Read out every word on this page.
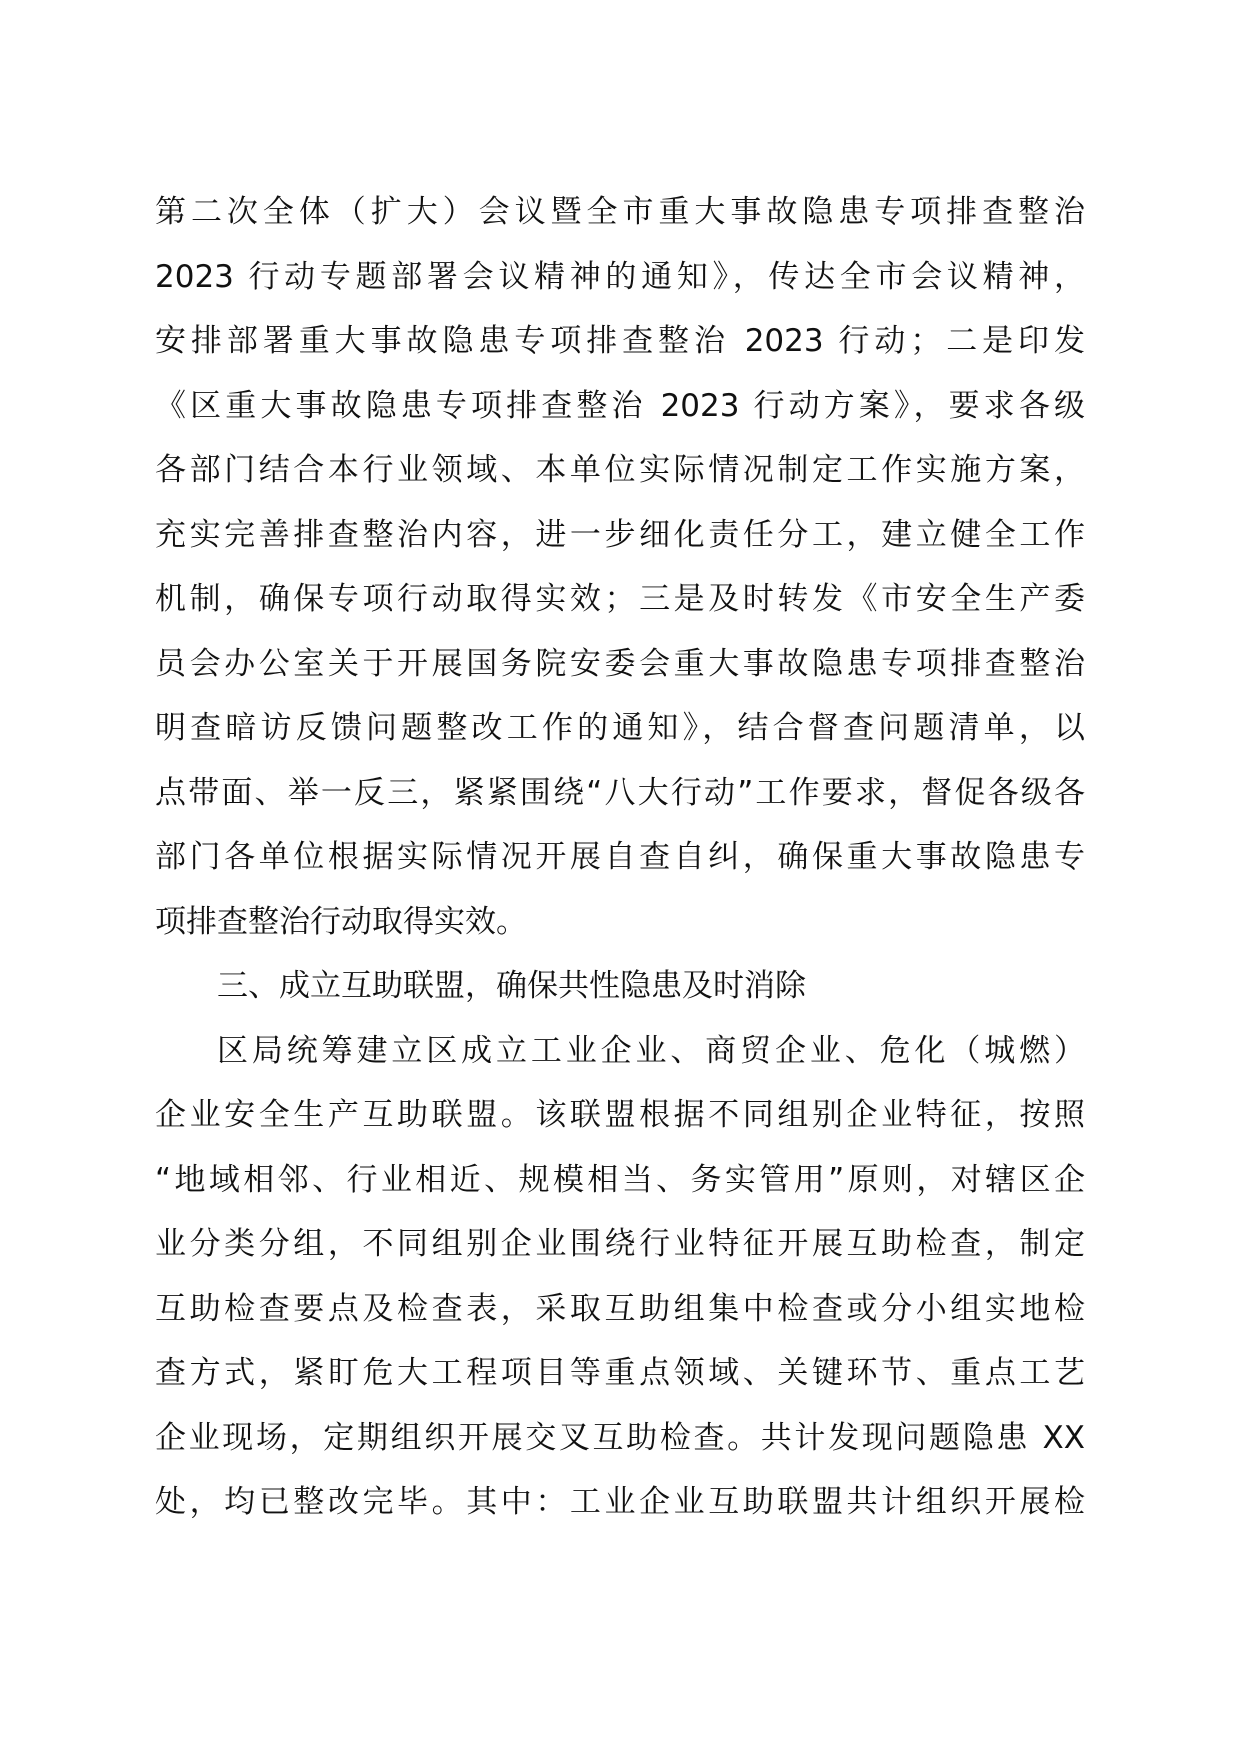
第二次全体（扩大）会议暨全市重大事故隐患专项排查整治
2023 行动专题部署会议精神的通知》，传达全市会议精神，
安排部署重大事故隐患专项排查整治 2023 行动；二是印发
《区重大事故隐患专项排查整治 2023 行动方案》，要求各级
各部门结合本行业领域、本单位实际情况制定工作实施方案，
充实完善排查整治内容，进一步细化责任分工，建立健全工作
机制，确保专项行动取得实效；三是及时转发《市安全生产委
员会办公室关于开展国务院安委会重大事故隐患专项排查整治
明查暗访反馈问题整改工作的通知》，结合督查问题清单，以
点带面、举一反三，紧紧围绕“八大行动”工作要求，督促各级各
部门各单位根据实际情况开展自查自纠，确保重大事故隐患专
项排查整治行动取得实效。
三、成立互助联盟，确保共性隐患及时消除
区局统筹建立区成立工业企业、商贸企业、危化（城燃）
企业安全生产互助联盟。该联盟根据不同组别企业特征，按照
“地域相邻、行业相近、规模相当、务实管用”原则，对辖区企
业分类分组，不同组别企业围绕行业特征开展互助检查，制定
互助检查要点及检查表，采取互助组集中检查或分小组实地检
查方式，紧盯危大工程项目等重点领域、关键环节、重点工艺
企业现场，定期组织开展交叉互助检查。共计发现问题隐患 XX
处，均已整改完毕。其中：工业企业互助联盟共计组织开展检
